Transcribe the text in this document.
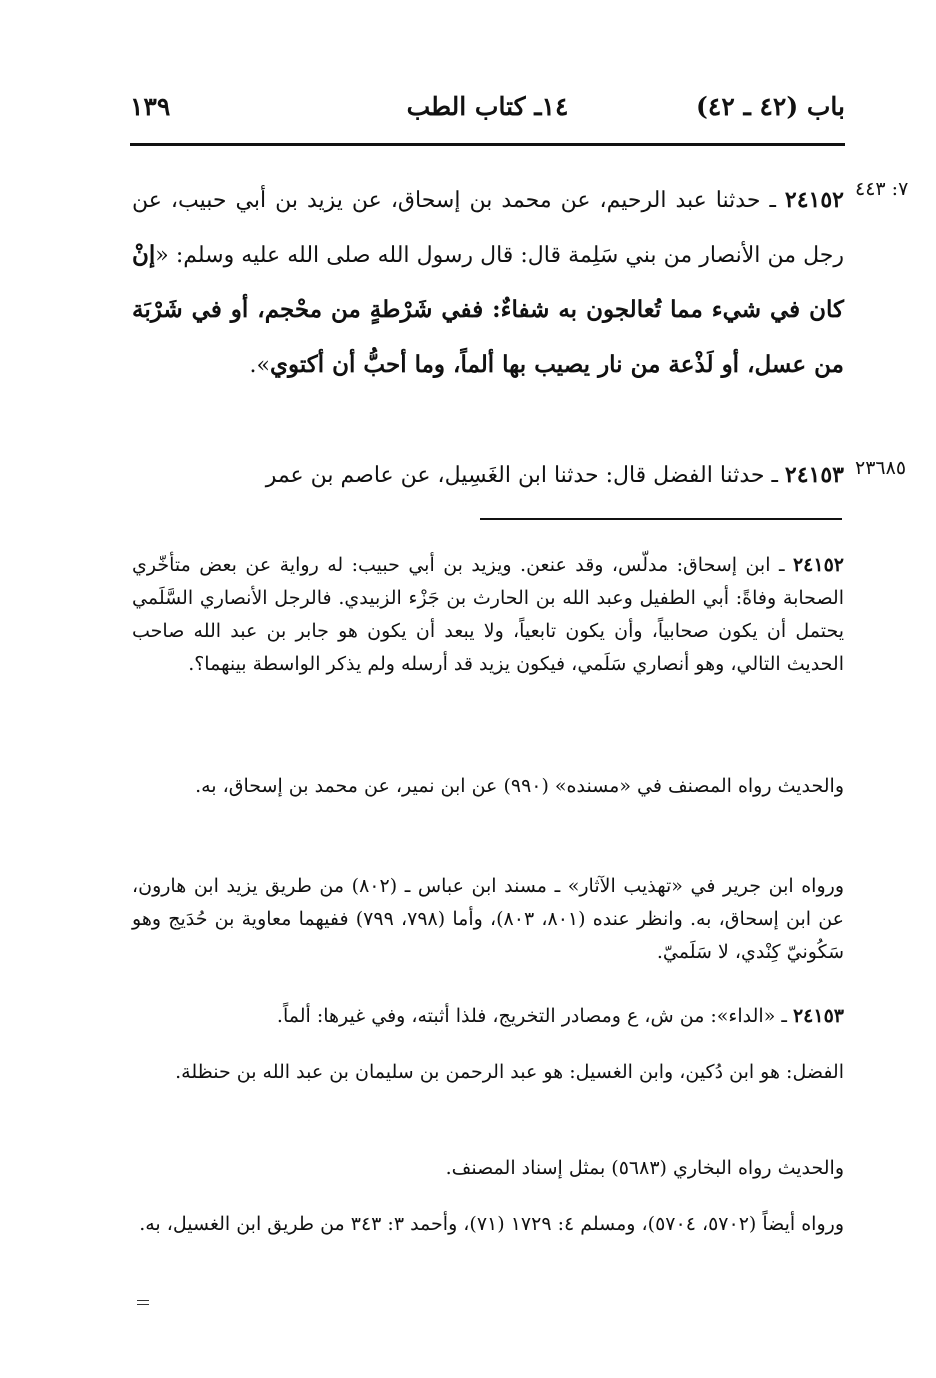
باب (٤٢ ـ ٤٢)
١٤ـ كتاب الطب
١٣٩
٧: ٤٤٣
٢٤١٥٢ ـ حدثنا عبد الرحيم، عن محمد بن إسحاق، عن يزيد بن أبي حبيب، عن رجل من الأنصار من بني سَلِمة قال: قال رسول الله صلى الله عليه وسلم: «إنْ كان في شيء مما تُعالجون به شفاءٌ: ففي شَرْطةٍ من محْجم، أو في شَرْبَة من عسل، أو لَذْعة من نار يصيب بها ألماً، وما أحبُّ أن أكتوي».
٢٣٦٨٥
٢٤١٥٣ ـ حدثنا الفضل قال: حدثنا ابن الغَسِيل، عن عاصم بن عمر
٢٤١٥٢ ـ ابن إسحاق: مدلّس، وقد عنعن. ويزيد بن أبي حبيب: له رواية عن بعض متأخّري الصحابة وفاةً: أبي الطفيل وعبد الله بن الحارث بن جَزْء الزبيدي. فالرجل الأنصاري السَّلَمي يحتمل أن يكون صحابياً، وأن يكون تابعياً، ولا يبعد أن يكون هو جابر بن عبد الله صاحب الحديث التالي، وهو أنصاري سَلَمي، فيكون يزيد قد أرسله ولم يذكر الواسطة بينهما؟.
والحديث رواه المصنف في «مسنده» (٩٩٠) عن ابن نمير، عن محمد بن إسحاق، به.
ورواه ابن جرير في «تهذيب الآثار» ـ مسند ابن عباس ـ (٨٠٢) من طريق يزيد ابن هارون، عن ابن إسحاق، به. وانظر عنده (٨٠١، ٨٠٣)، وأما (٧٩٨، ٧٩٩) ففيهما معاوية بن حُدَيج وهو سَكُونيّ كِنْدي، لا سَلَميّ.
٢٤١٥٣ ـ «الداء»: من ش، ع ومصادر التخريج، فلذا أثبته، وفي غيرها: ألماً.
الفضل: هو ابن دُكين، وابن الغسيل: هو عبد الرحمن بن سليمان بن عبد الله بن حنظلة.
والحديث رواه البخاري (٥٦٨٣) بمثل إسناد المصنف.
ورواه أيضاً (٥٧٠٢، ٥٧٠٤)، ومسلم ٤: ١٧٢٩ (٧١)، وأحمد ٣: ٣٤٣ من طريق ابن الغسيل، به.
